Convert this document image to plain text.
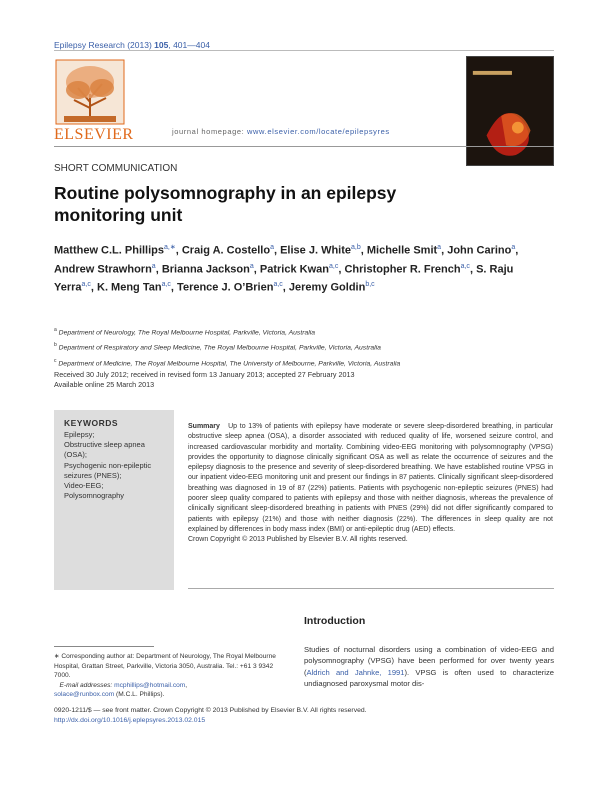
Epilepsy Research (2013) 105, 401—404
ELSEVIER	journal homepage: www.elsevier.com/locate/epilepsyres
SHORT COMMUNICATION
Routine polysomnography in an epilepsy monitoring unit
Matthew C.L. Phillips$^{a,∗}$, Craig A. Costello$^a$, Elise J. White$^{a,b}$, Michelle Smit$^a$, John Carino$^a$, Andrew Strawhorn$^a$, Brianna Jackson$^a$, Patrick Kwan$^{a,c}$, Christopher R. French$^{a,c}$, S. Raju Yerra$^{a,c}$, K. Meng Tan$^{a,c}$, Terence J. O’Brien$^{a,c}$, Jeremy Goldin$^{b,c}$
$^a$ Department of Neurology, The Royal Melbourne Hospital, Parkville, Victoria, Australia
$^b$ Department of Respiratory and Sleep Medicine, The Royal Melbourne Hospital, Parkville, Victoria, Australia
$^c$ Department of Medicine, The Royal Melbourne Hospital, The University of Melbourne, Parkville, Victoria, Australia
Received 30 July 2012; received in revised form 13 January 2013; accepted 27 February 2013
Available online 25 March 2013
KEYWORDS
Epilepsy;
Obstructive sleep apnea (OSA);
Psychogenic non-epileptic seizures (PNES);
Video-EEG;
Polysomnography
Summary Up to 13% of patients with epilepsy have moderate or severe sleep-disordered breathing, in particular obstructive sleep apnea (OSA), a disorder associated with reduced quality of life, worsened seizure control, and increased cardiovascular morbidity and mortality. Combining video-EEG monitoring with polysomnography (VPSG) provides the opportunity to diagnose clinically significant OSA as well as relate the occurrence of seizures and the epilepsy diagnosis to the presence and severity of sleep-disordered breathing. We have established routine VPSG in our inpatient video-EEG monitoring unit and present our findings in 87 patients. Clinically significant sleep-disordered breathing was diagnosed in 19 of 87 (22%) patients. Patients with psychogenic non-epileptic seizures (PNES) had poorer sleep quality compared to patients with epilepsy and those with neither diagnosis, whereas the prevalence of clinically significant sleep-disordered breathing in patients with PNES (29%) did not differ significantly compared to patients with epilepsy (21%) and those with neither diagnosis (22%). The differences in sleep quality are not explained by differences in body mass index (BMI) or anti-epileptic drug (AED) effects.
Crown Copyright © 2013 Published by Elsevier B.V. All rights reserved.
Introduction
Studies of nocturnal disorders using a combination of video-EEG and polysomnography (VPSG) have been performed for over twenty years (Aldrich and Jahnke, 1991). VPSG is often used to characterize undiagnosed paroxysmal motor dis-
∗ Corresponding author at: Department of Neurology, The Royal Melbourne Hospital, Grattan Street, Parkville, Victoria 3050, Australia. Tel.: +61 3 9342 7000.
E-mail addresses: mcphillips@hotmail.com,
solace@runbox.com (M.C.L. Phillips).
0920-1211/$ — see front matter. Crown Copyright © 2013 Published by Elsevier B.V. All rights reserved.
http://dx.doi.org/10.1016/j.eplepsyres.2013.02.015
